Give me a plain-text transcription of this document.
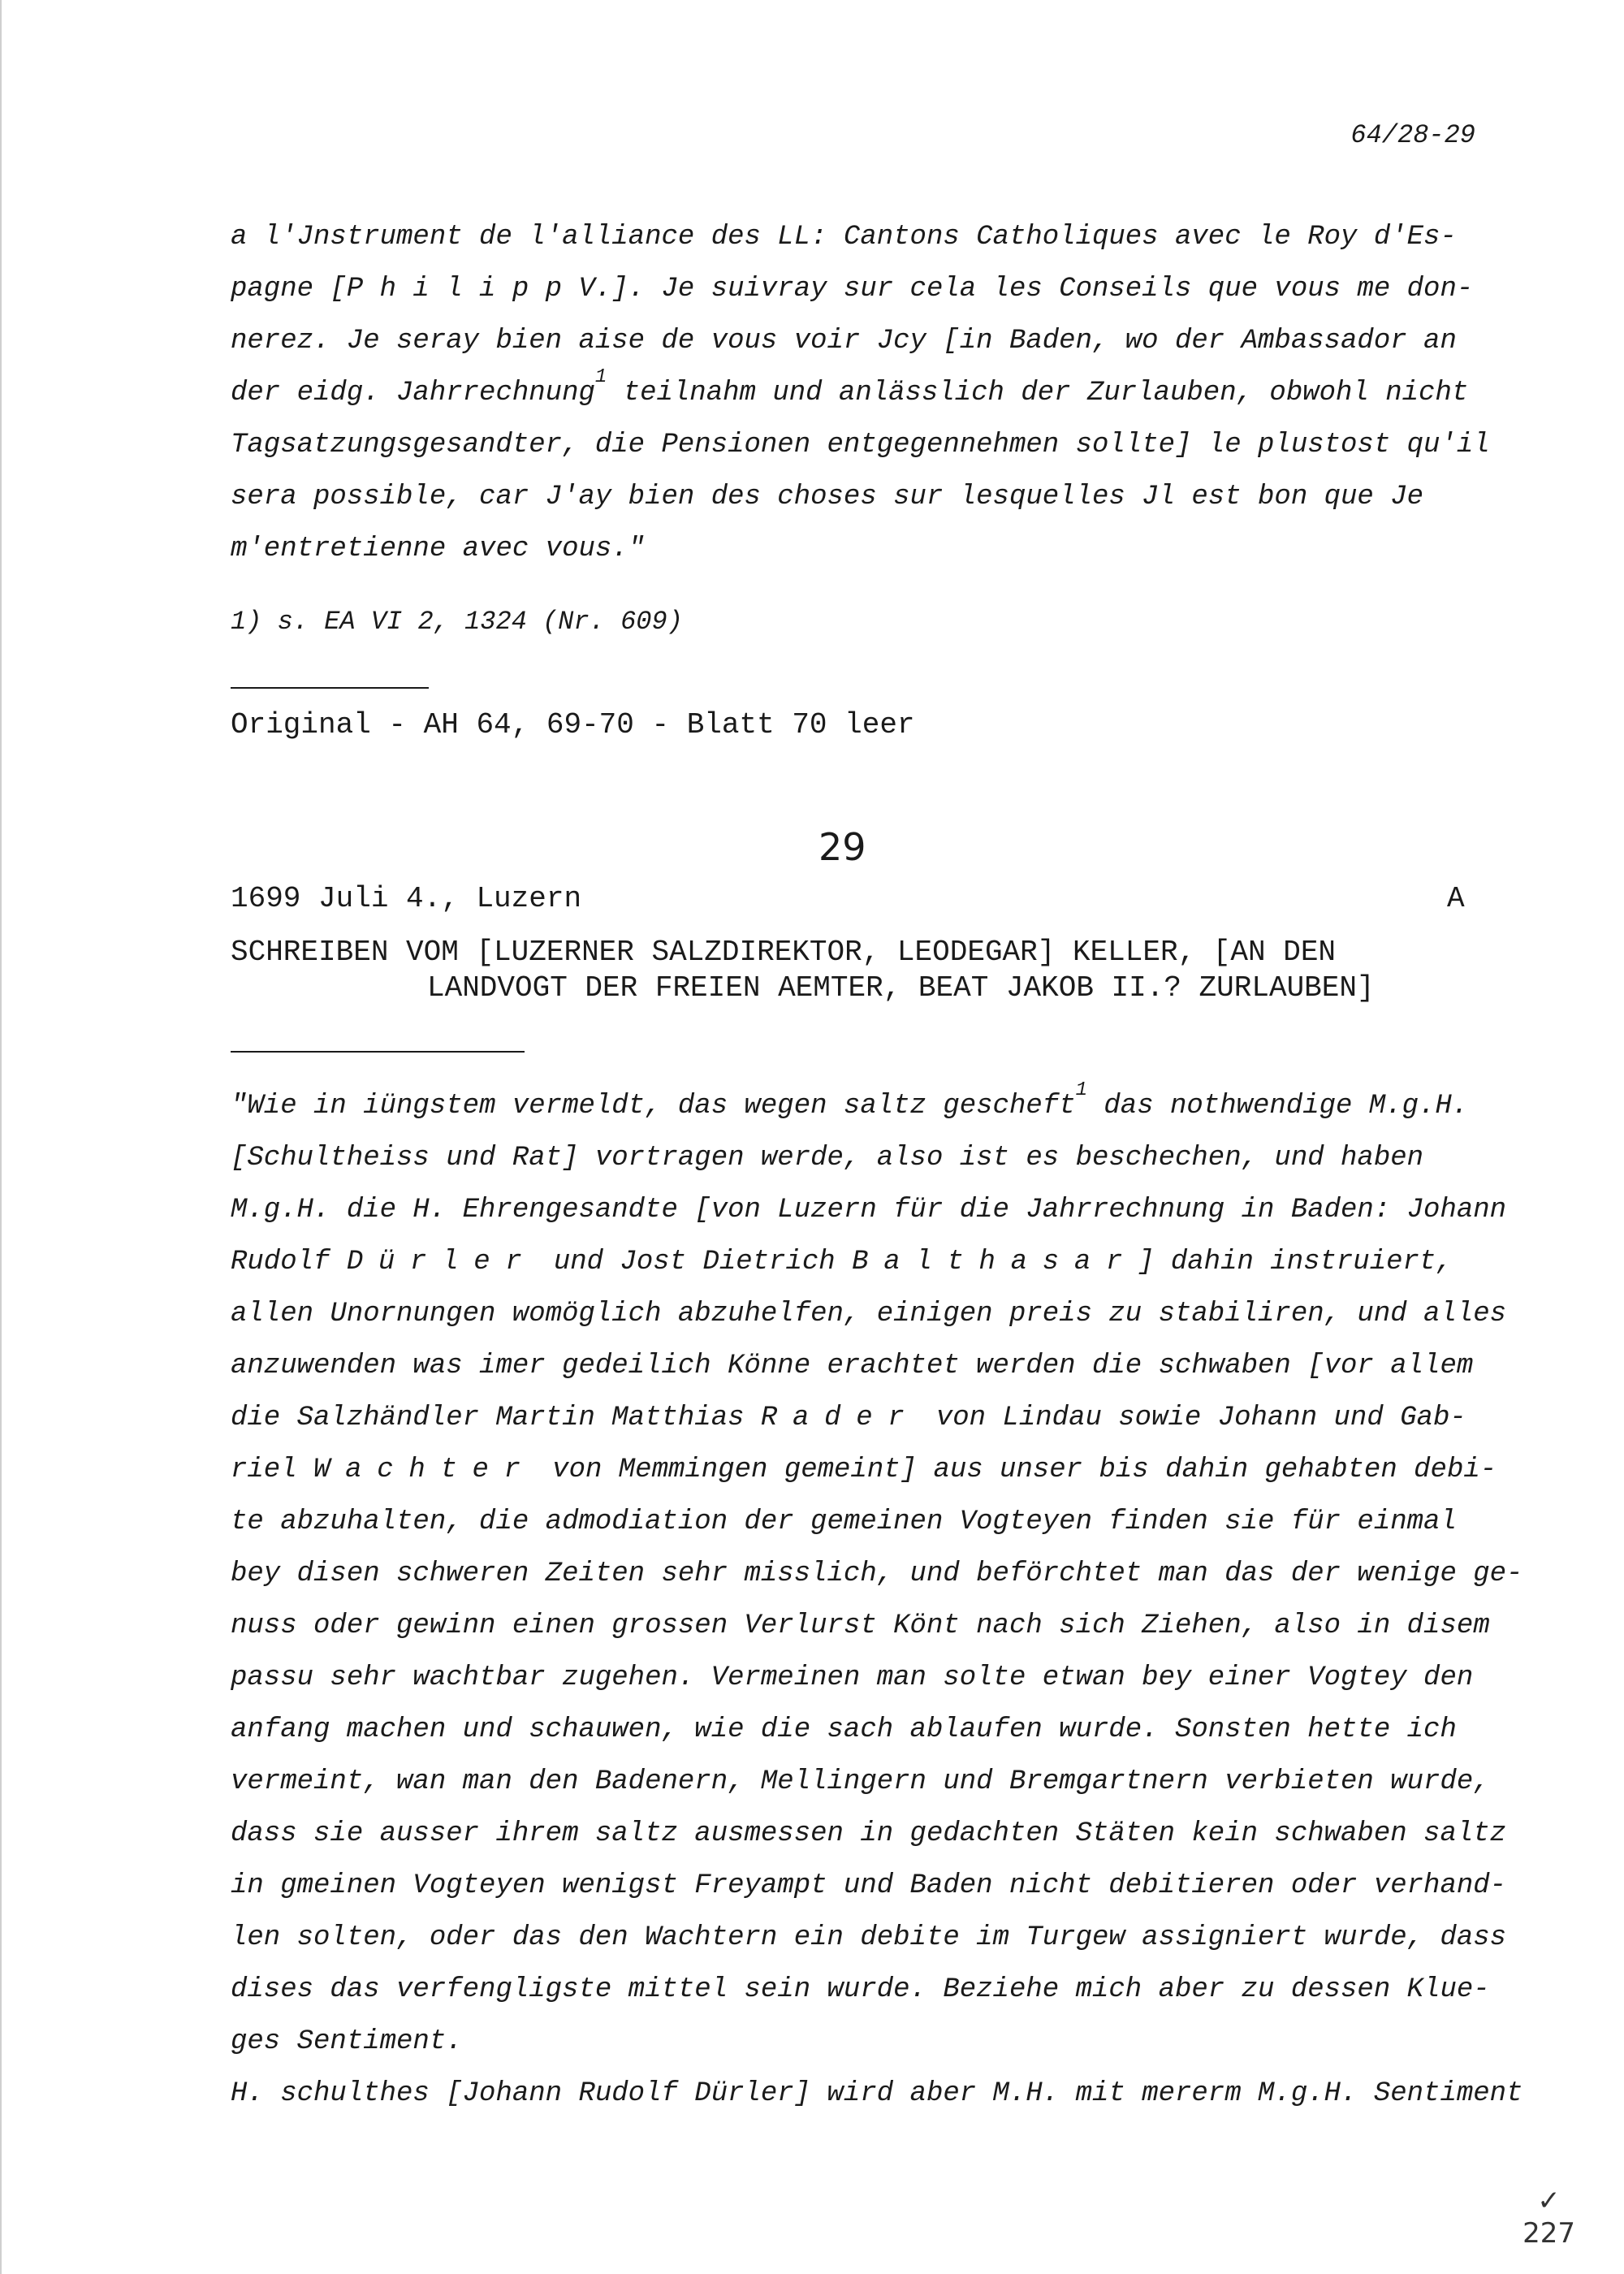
64/28-29
a l'Jnstrument de l'alliance des LL: Cantons Catholiques avec le Roy d'Es-
pagne [P h i l i p p V.]. Je suivray sur cela les Conseils que vous me don-
nerez. Je seray bien aise de vous voir Jcy [in Baden, wo der Ambassador an
der eidg. Jahrrechnung$^1$ teilnahm und anlässlich der Zurlauben, obwohl nicht
Tagsatzungsgesandter, die Pensionen entgegennehmen sollte] le plustost qu'il
sera possible, car J'ay bien des choses sur lesquelles Jl est bon que Je
m'entretienne avec vous."
1) s. EA VI 2, 1324 (Nr. 609)
Original - AH 64, 69-70 - Blatt 70 leer
29
1699 Juli 4., Luzern	A
SCHREIBEN VOM [LUZERNER SALZDIREKTOR, LEODEGAR] KELLER, [AN DEN
LANDVOGT DER FREIEN AEMTER, BEAT JAKOB II.? ZURLAUBEN]
"Wie in iüngstem vermeldt, das wegen saltz gescheft$^1$ das nothwendige M.g.H.
[Schultheiss und Rat] vortragen werde, also ist es beschechen, und haben
M.g.H. die H. Ehrengesandte [von Luzern für die Jahrrechnung in Baden: Johann
Rudolf Dürler und Jost Dietrich Balthasar] dahin instruiert,
allen Unornungen womöglich abzuhelfen, einigen preis zu stabiliren, und alles
anzuwenden was imer gedeilich Könne erachtet werden die schwaben [vor allem
die Salzhändler Martin Matthias Rader von Lindau sowie Johann und Gab-
riel Wachter von Memmingen gemeint] aus unser bis dahin gehabten debi-
te abzuhalten, die admodiation der gemeinen Vogteyen finden sie für einmal
bey disen schweren Zeiten sehr misslich, und beförchtet man das der wenige ge-
nuss oder gewinn einen grossen Verlurst Könt nach sich Ziehen, also in disem
passu sehr wachtbar zugehen. Vermeinen man solte etwan bey einer Vogtey den
anfang machen und schauwen, wie die sach ablaufen wurde. Sonsten hette ich
vermeint, wan man den Badenern, Mellingern und Bremgartnern verbieten wurde,
dass sie ausser ihrem saltz ausmessen in gedachten Stäten kein schwaben saltz
in gmeinen Vogteyen wenigst Freyampt und Baden nicht debitieren oder verhand-
len solten, oder das den Wachtern ein debite im Turgew assigniert wurde, dass
dises das verfengligste mittel sein wurde. Beziehe mich aber zu dessen Klue-
ges Sentiment.
H. schulthes [Johann Rudolf Dürler] wird aber M.H. mit mererm M.g.H. Sentiment
✓
227
